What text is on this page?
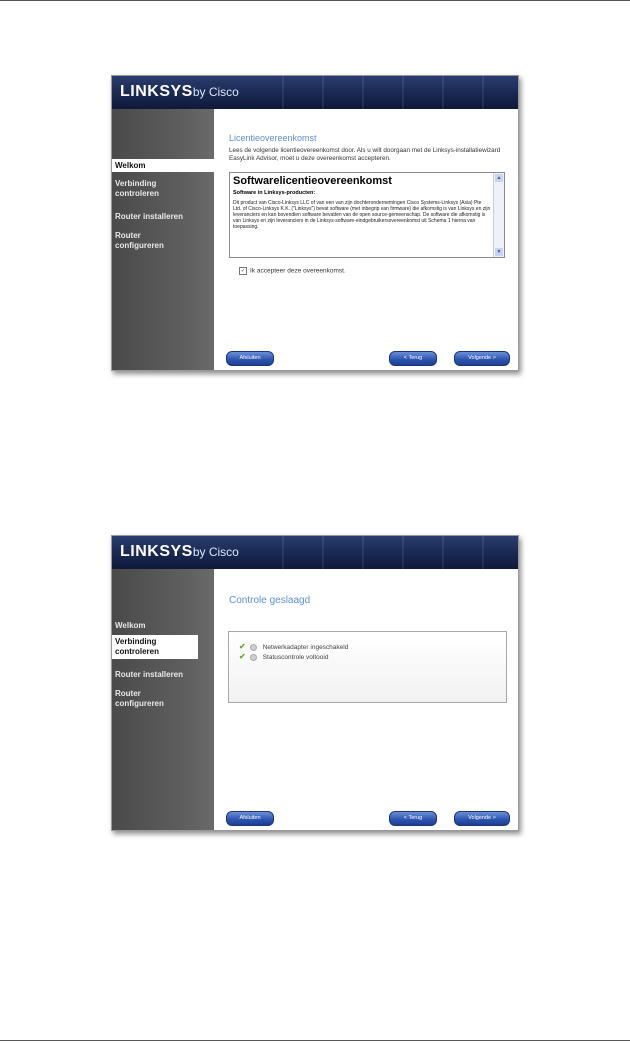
LINKSYSby Cisco
Welkom
Verbinding controleren
Router installeren
Router configureren
Licentieovereenkomst
Lees de volgende licentieovereenkomst door. Als u wilt doorgaan met de Linksys-installatiewizard EasyLink Advisor, moet u deze overeenkomst accepteren.
Softwarelicentieovereenkomst
Software in Linksys-producten:
Dit product van Cisco-Linksys LLC of van een van zijn dochterondernemingen Cisco Systems-Linksys (Asia) Pte Ltd. of Cisco-Linksys K.K. ("Linksys") bevat software (met inbegrip van firmware) die afkomstig is van Linksys en zijn leveranciers en kan bovendien software bevatten van de open source-gemeenschap. De software die afkomstig is van Linksys en zijn leveranciers in de Linksys-software-eindgebruikersovereenkomst uit Schema 1 hierna van toepassing.
▲
▼
✓ Ik accepteer deze overeenkomst.
Afsluiten	< Terug	Volgende >
LINKSYSby Cisco
Welkom
Verbinding controleren
Router installeren
Router configureren
Controle geslaagd
✔	Netwerkadapter ingeschakeld
✔	Statuscontrole voltooid
Afsluiten	< Terug	Volgende >
